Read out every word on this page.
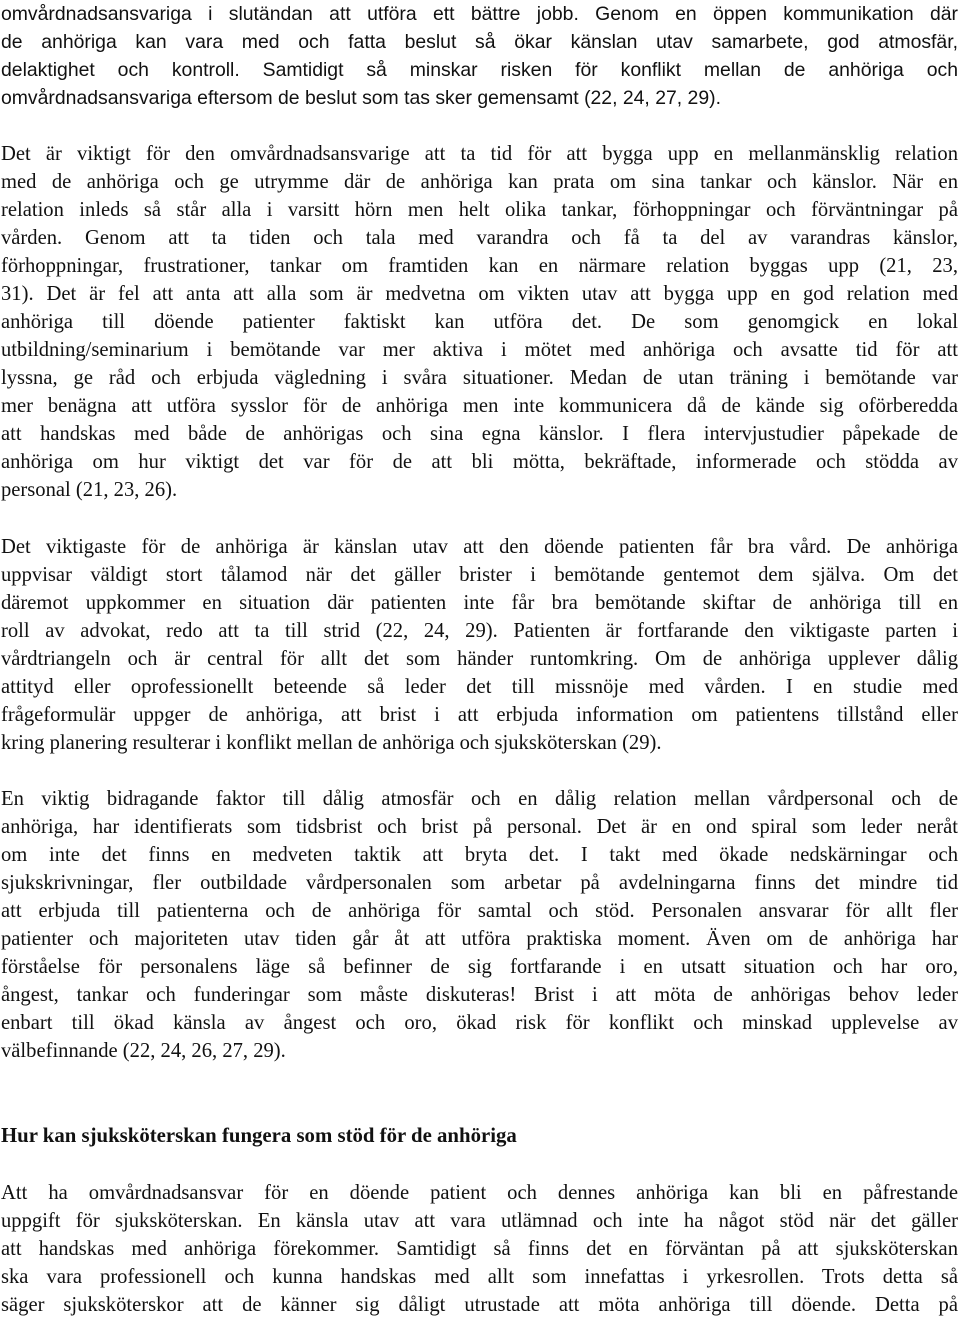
omvårdnadsansvariga i slutändan att utföra ett bättre jobb. Genom en öppen kommunikation där
de anhöriga kan vara med och fatta beslut så ökar känslan utav samarbete, god atmosfär,
delaktighet och kontroll. Samtidigt så minskar risken för konflikt mellan de anhöriga och
omvårdnadsansvariga eftersom de beslut som tas sker gemensamt (22, 24, 27, 29).
Det är viktigt för den omvårdnadsansvarige att ta tid för att bygga upp en mellanmänsklig relation
med de anhöriga och ge utrymme där de anhöriga kan prata om sina tankar och känslor. När en
relation inleds så står alla i varsitt hörn men helt olika tankar, förhoppningar och förväntningar på
vården. Genom att ta tiden och tala med varandra och få ta del av varandras känslor,
förhoppningar, frustrationer, tankar om framtiden kan en närmare relation byggas upp (21, 23,
31). Det är fel att anta att alla som är medvetna om vikten utav att bygga upp en god relation med
anhöriga till döende patienter faktiskt kan utföra det. De som genomgick en lokal
utbildning/seminarium i bemötande var mer aktiva i mötet med anhöriga och avsatte tid för att
lyssna, ge råd och erbjuda vägledning i svåra situationer. Medan de utan träning i bemötande var
mer benägna att utföra sysslor för de anhöriga men inte kommunicera då de kände sig oförberedda
att handskas med både de anhörigas och sina egna känslor. I flera intervjustudier påpekade de
anhöriga om hur viktigt det var för de att bli mötta, bekräftade, informerade och stödda av
personal (21, 23, 26).
Det viktigaste för de anhöriga är känslan utav att den döende patienten får bra vård. De anhöriga
uppvisar väldigt stort tålamod när det gäller brister i bemötande gentemot dem själva. Om det
däremot uppkommer en situation där patienten inte får bra bemötande skiftar de anhöriga till en
roll av advokat, redo att ta till strid (22, 24, 29). Patienten är fortfarande den viktigaste parten i
vårdtriangeln och är central för allt det som händer runtomkring. Om de anhöriga upplever dålig
attityd eller oprofessionellt beteende så leder det till missnöje med vården. I en studie med
frågeformulär uppger de anhöriga, att brist i att erbjuda information om patientens tillstånd eller
kring planering resulterar i konflikt mellan de anhöriga och sjuksköterskan (29).
En viktig bidragande faktor till dålig atmosfär och en dålig relation mellan vårdpersonal och de
anhöriga, har identifierats som tidsbrist och brist på personal. Det är en ond spiral som leder neråt
om inte det finns en medveten taktik att bryta det. I takt med ökade nedskärningar och
sjukskrivningar, fler outbildade vårdpersonalen som arbetar på avdelningarna finns det mindre tid
att erbjuda till patienterna och de anhöriga för samtal och stöd. Personalen ansvarar för allt fler
patienter och majoriteten utav tiden går åt att utföra praktiska moment. Även om de anhöriga har
förståelse för personalens läge så befinner de sig fortfarande i en utsatt situation och har oro,
ångest, tankar och funderingar som måste diskuteras! Brist i att möta de anhörigas behov leder
enbart till ökad känsla av ångest och oro, ökad risk för konflikt och minskad upplevelse av
välbefinnande (22, 24, 26, 27, 29).
Hur kan sjuksköterskan fungera som stöd för de anhöriga
Att ha omvårdnadsansvar för en döende patient och dennes anhöriga kan bli en påfrestande
uppgift för sjuksköterskan. En känsla utav att vara utlämnad och inte ha något stöd när det gäller
att handskas med anhöriga förekommer. Samtidigt så finns det en förväntan på att sjuksköterskan
ska vara professionell och kunna handskas med allt som innefattas i yrkesrollen. Trots detta så
säger sjuksköterskor att de känner sig dåligt utrustade att möta anhöriga till döende. Detta på
